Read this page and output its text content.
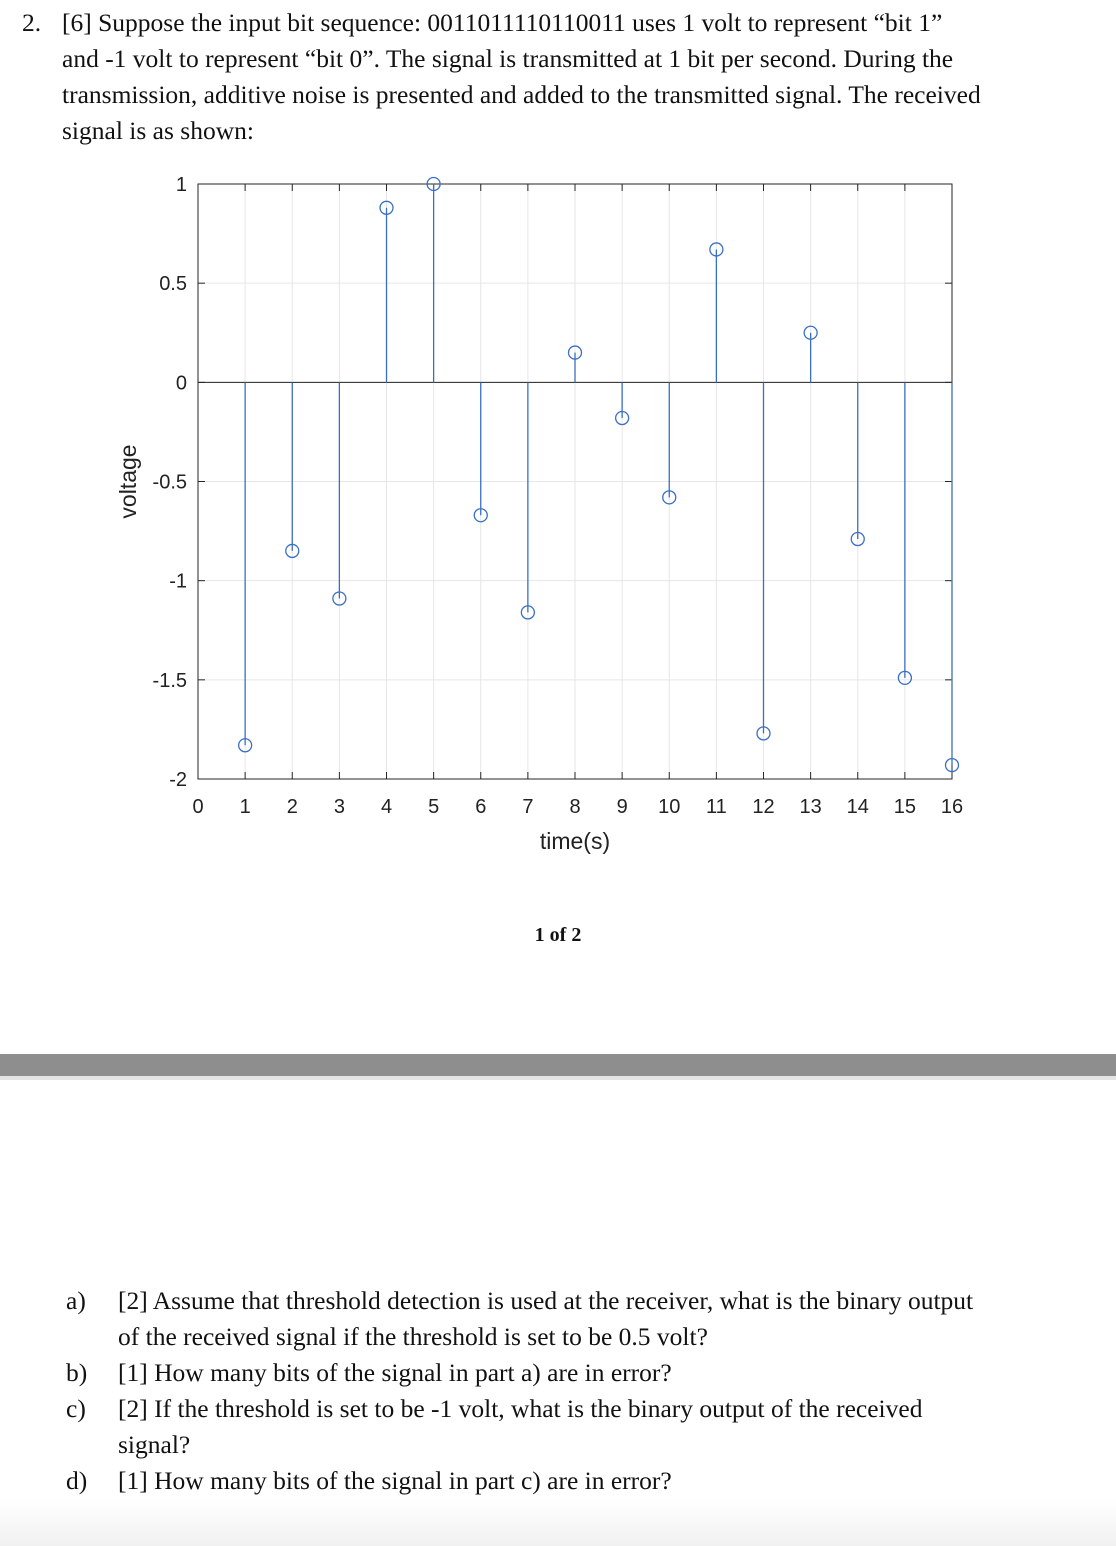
2. [6] Suppose the input bit sequence: 0011011110110011 uses 1 volt to represent “bit 1”
and -1 volt to represent “bit 0”. The signal is transmitted at 1 bit per second. During the
transmission, additive noise is presented and added to the transmitted signal. The received
signal is as shown:
0 1 2 3 4 5 6 7 8 9 10 11 12 13 14 15 16
1
0.5
0
-0.5
-1
-1.5
-2
time(s)
voltage
1 of 2
a) [2] Assume that threshold detection is used at the receiver, what is the binary output
of the received signal if the threshold is set to be 0.5 volt?
b) [1] How many bits of the signal in part a) are in error?
c) [2] If the threshold is set to be -1 volt, what is the binary output of the received
signal?
d) [1] How many bits of the signal in part c) are in error?
